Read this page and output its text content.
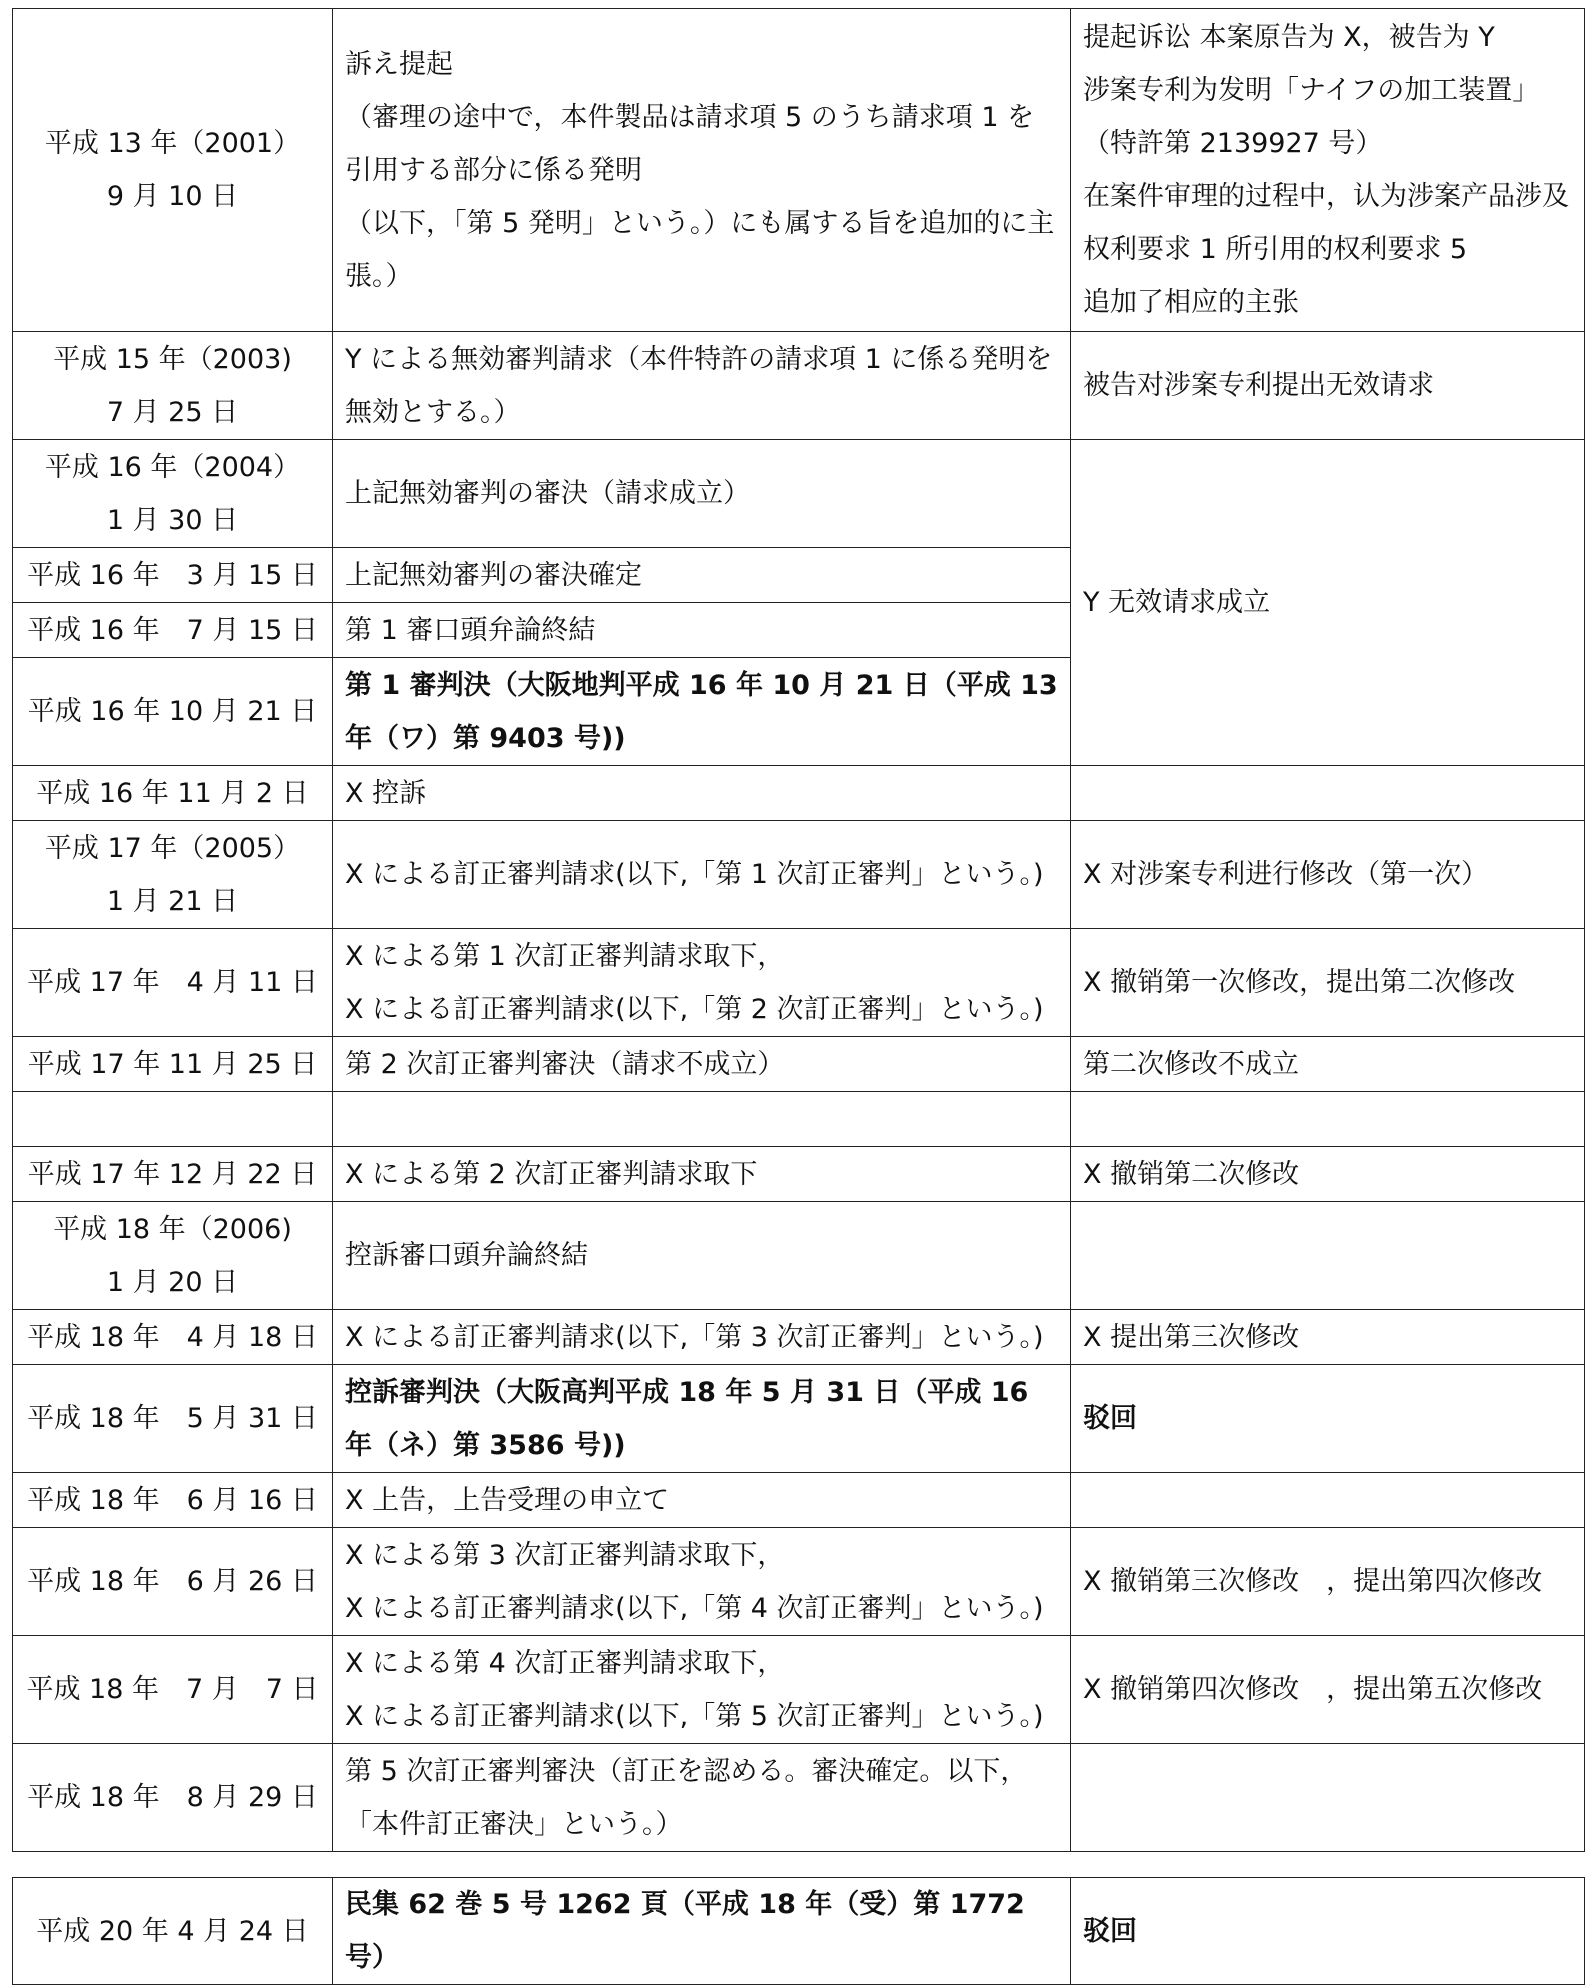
平成 13 年（2001）
9 月 10 日	訴え提起
（審理の途中で，本件製品は請求項 5 のうち請求項 1 を引用する部分に係る発明
（以下，「第 5 発明」という。）にも属する旨を追加的に主張。）	提起诉讼 本案原告为 X，被告为 Y
涉案专利为发明「ナイフの加工装置」（特許第 2139927 号）
在案件审理的过程中，认为涉案产品涉及权利要求 1 所引用的权利要求 5
追加了相应的主张

平成 15 年（2003)
7 月 25 日	Y による無効審判請求（本件特許の請求項 1 に係る発明を無効とする。）	被告对涉案专利提出无效请求

平成 16 年（2004）
1 月 30 日	上記無効審判の審決（請求成立）	Y 无效请求成立
平成 16 年　3 月 15 日	上記無効審判の審決確定	
平成 16 年　7 月 15 日	第 1 審口頭弁論終結	
平成 16 年 10 月 21 日	第 1 審判決（大阪地判平成 16 年 10 月 21 日（平成 13 年（ワ）第 9403 号))	
平成 16 年 11 月 2 日	X 控訴	

平成 17 年（2005）
1 月 21 日	X による訂正審判請求(以下,「第 1 次訂正審判」という。)	X 对涉案专利进行修改（第一次）
平成 17 年　4 月 11 日	X による第 1 次訂正審判請求取下，
X による訂正審判請求(以下,「第 2 次訂正審判」という。)	X 撤销第一次修改，提出第二次修改
平成 17 年 11 月 25 日	第 2 次訂正審判審決（請求不成立）	第二次修改不成立

平成 17 年 12 月 22 日	X による第 2 次訂正審判請求取下	X 撤销第二次修改

平成 18 年（2006)
1 月 20 日	控訴審口頭弁論終結	
平成 18 年　4 月 18 日	X による訂正審判請求(以下,「第 3 次訂正審判」という。)	X 提出第三次修改
平成 18 年　5 月 31 日	控訴審判決（大阪高判平成 18 年 5 月 31 日（平成 16 年（ネ）第 3586 号))	驳回
平成 18 年　6 月 16 日	X 上告，上告受理の申立て	
平成 18 年　6 月 26 日	X による第 3 次訂正審判請求取下，
X による訂正審判請求(以下,「第 4 次訂正審判」という。)	X 撤销第三次修改　，提出第四次修改
平成 18 年　7 月　7 日	X による第 4 次訂正審判請求取下，
X による訂正審判請求(以下,「第 5 次訂正審判」という。)	X 撤销第四次修改　，提出第五次修改
平成 18 年　8 月 29 日	第 5 次訂正審判審決（訂正を認める。審決確定。以下，「本件訂正審決」という。）	
平成 20 年 4 月 24 日	民集 62 巻 5 号 1262 頁（平成 18 年（受）第 1772 号）	驳回
